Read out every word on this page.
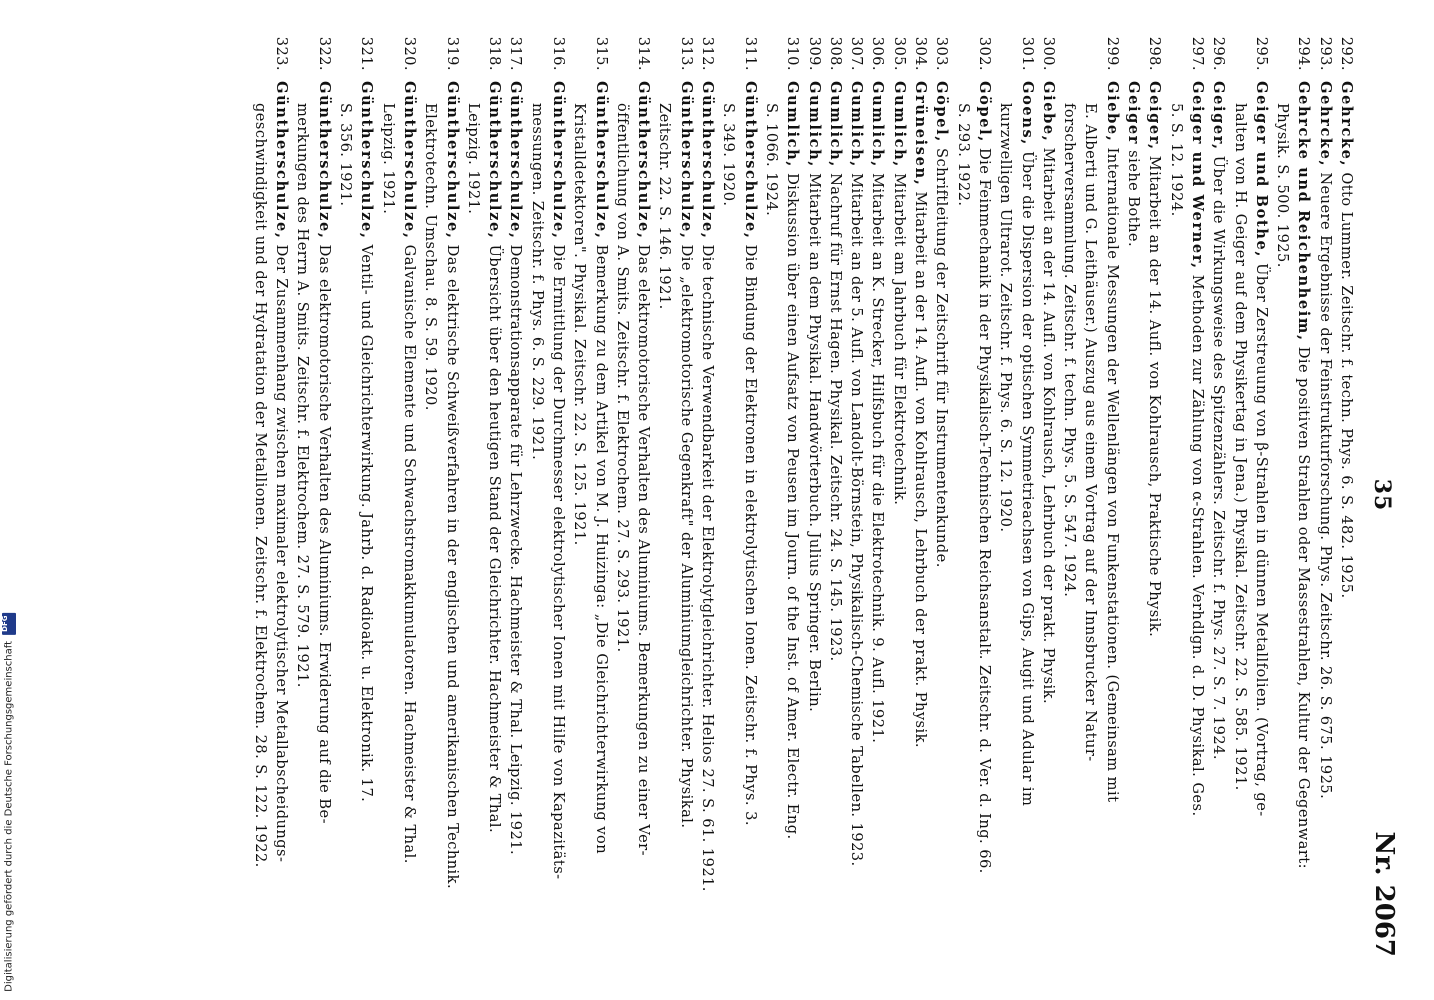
35
Nr. 2067
292.
Gehrcke, Otto Lummer. Zeitschr. f. techn. Phys. 6. S. 482. 1925.
293.
Gehrcke, Neuere Ergebnisse der Feinstrukturforschung. Phys. Zeitschr. 26. S. 675. 1925.
294.
Gehrcke und Reichenheim, Die positiven Strahlen oder Massestrahlen, Kultur der Gegenwart:
Physik. S. 500. 1925.
295.
Geiger und Bothe, Über Zerstreuung von β-Strahlen in dünnen Metallfolien. (Vortrag, ge-
halten von H. Geiger auf dem Physikertag in Jena.) Physikal. Zeitschr. 22. S. 585. 1921.
296.
Geiger, Über die Wirkungsweise des Spitzenzählers. Zeitschr. f. Phys. 27. S. 7. 1924.
297.
Geiger und Werner, Methoden zur Zählung von α-Strahlen. Verhdlgn. d. D. Physikal. Ges.
5. S. 12. 1924.
298.
Geiger, Mitarbeit an der 14. Aufl. von Kohlrausch, Praktische Physik.
Geiger siehe Bothe.
299.
Giebe, Internationale Messungen der Wellenlängen von Funkenstationen. (Gemeinsam mit
E. Alberti und G. Leithäuser.) Auszug aus einem Vortrag auf der Innsbrucker Natur-
forscherversammlung. Zeitschr. f. techn. Phys. 5. S. 547. 1924.
300.
Giebe, Mitarbeit an der 14. Aufl. von Kohlrausch, Lehrbuch der prakt. Physik.
301.
Goens, Über die Dispersion der optischen Symmetrieachsen von Gips, Augit und Adular im
kurzwelligen Ultrarot. Zeitschr. f. Phys. 6. S. 12. 1920.
302.
Göpel, Die Feinmechanik in der Physikalisch-Technischen Reichsanstalt. Zeitschr. d. Ver. d. Ing. 66.
S. 293. 1922.
303.
Göpel, Schriftleitung der Zeitschrift für Instrumentenkunde.
304.
Grüneisen, Mitarbeit an der 14. Aufl. von Kohlrausch, Lehrbuch der prakt. Physik.
305.
Gumlich, Mitarbeit am Jahrbuch für Elektrotechnik.
306.
Gumlich, Mitarbeit an K. Strecker, Hilfsbuch für die Elektrotechnik. 9. Aufl. 1921.
307.
Gumlich, Mitarbeit an der 5. Aufl. von Landolt-Börnstein, Physikalisch-Chemische Tabellen. 1923.
308.
Gumlich, Nachruf für Ernst Hagen. Physikal. Zeitschr. 24. S. 145. 1923.
309.
Gumlich, Mitarbeit an dem Physikal. Handwörterbuch. Julius Springer. Berlin.
310.
Gumlich, Diskussion über einen Aufsatz von Peusen im Journ. of the Inst. of Amer. Electr. Eng.
S. 1066. 1924.
311.
Güntherschulze, Die Bindung der Elektronen in elektrolytischen Ionen. Zeitschr. f. Phys. 3.
S. 349. 1920.
312.
Güntherschulze, Die technische Verwendbarkeit der Elektrolytgleichrichter. Helios 27. S. 61. 1921.
313.
Güntherschulze, Die „elektromotorische Gegenkraft" der Aluminiumgleichrichter. Physikal.
Zeitschr. 22. S. 146. 1921.
314.
Güntherschulze, Das elektromotorische Verhalten des Aluminiums. Bemerkungen zu einer Ver-
öffentlichung von A. Smits. Zeitschr. f. Elektrochem. 27. S. 293. 1921.
315.
Güntherschulze, Bemerkung zu dem Artikel von M. J. Huizinga: „Die Gleichrichterwirkung von
Kristalldetektoren". Physikal. Zeitschr. 22. S. 125. 1921.
316.
Güntherschulze, Die Ermittlung der Durchmesser elektrolytischer Ionen mit Hilfe von Kapazitäts-
messungen. Zeitschr. f. Phys. 6. S. 229. 1921.
317.
Güntherschulze, Demonstrationsapparate für Lehrzwecke. Hachmeister & Thal. Leipzig. 1921.
318.
Güntherschulze, Übersicht über den heutigen Stand der Gleichrichter. Hachmeister & Thal.
Leipzig. 1921.
319.
Güntherschulze, Das elektrische Schweißverfahren in der englischen und amerikanischen Technik.
Elektrotechn. Umschau. 8. S. 59. 1920.
320.
Güntherschulze, Galvanische Elemente und Schwachstromakkumulatoren. Hachmeister & Thal.
Leipzig. 1921.
321.
Güntherschulze, Ventil- und Gleichrichterwirkung. Jahrb. d. Radioakt. u. Elektronik. 17.
S. 356. 1921.
322.
Güntherschulze, Das elektromotorische Verhalten des Aluminiums. Erwiderung auf die Be-
merkungen des Herrn A. Smits. Zeitschr. f. Elektrochem. 27. S. 579. 1921.
323.
Güntherschulze, Der Zusammenhang zwischen maximaler elektrolytischer Metallabscheidungs-
geschwindigkeit und der Hydratation der Metallionen. Zeitschr. f. Elektrochem. 28. S. 122. 1922.
Digitalisierung gefördert durch die Deutsche Forschungsgemeinschaft
DFG
